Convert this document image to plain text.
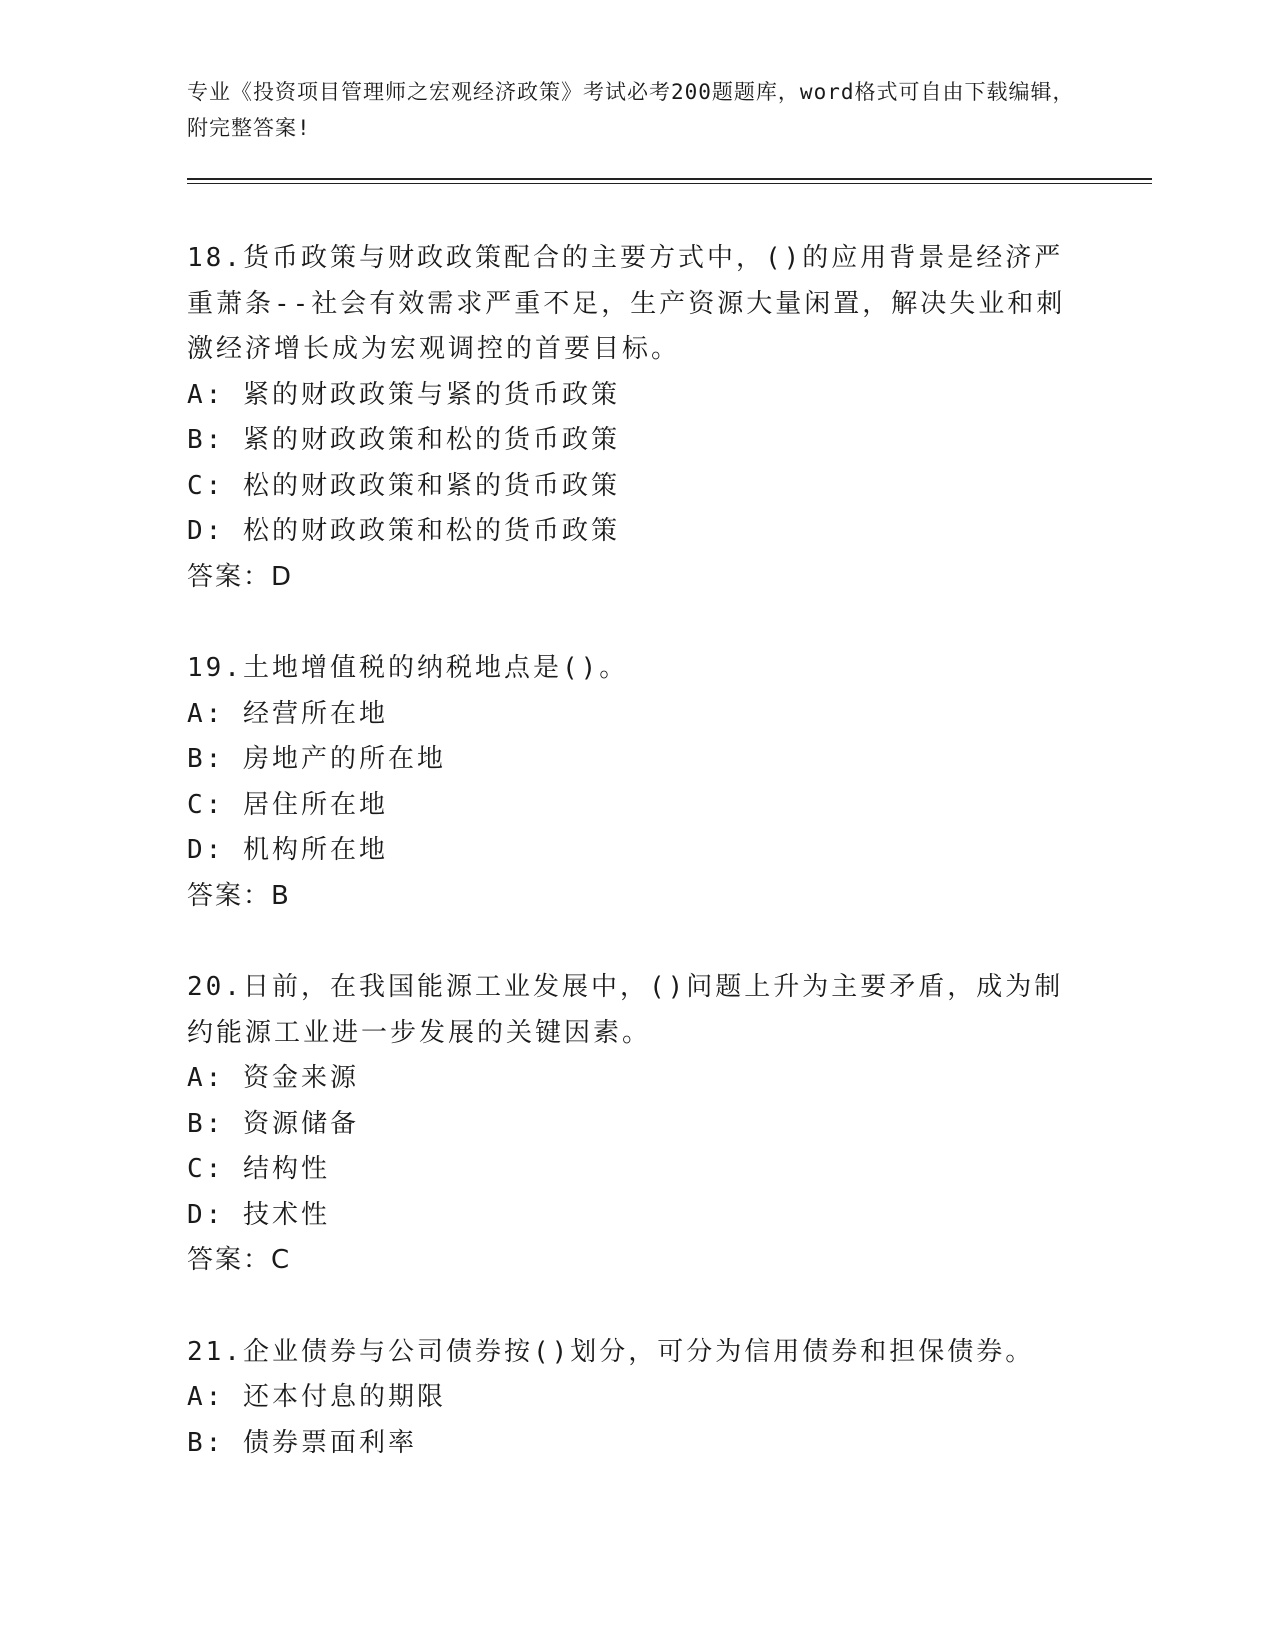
专业《投资项目管理师之宏观经济政策》考试必考200题题库，word格式可自由下载编辑，附完整答案!
18.货币政策与财政政策配合的主要方式中，()的应用背景是经济严重萧条--社会有效需求严重不足，生产资源大量闲置，解决失业和刺激经济增长成为宏观调控的首要目标。
A: 紧的财政政策与紧的货币政策
B: 紧的财政政策和松的货币政策
C: 松的财政政策和紧的货币政策
D: 松的财政政策和松的货币政策
答案：D
19.土地增值税的纳税地点是()。
A: 经营所在地
B: 房地产的所在地
C: 居住所在地
D: 机构所在地
答案：B
20.日前，在我国能源工业发展中，()问题上升为主要矛盾，成为制约能源工业进一步发展的关键因素。
A: 资金来源
B: 资源储备
C: 结构性
D: 技术性
答案：C
21.企业债券与公司债券按()划分，可分为信用债券和担保债券。
A: 还本付息的期限
B: 债券票面利率
